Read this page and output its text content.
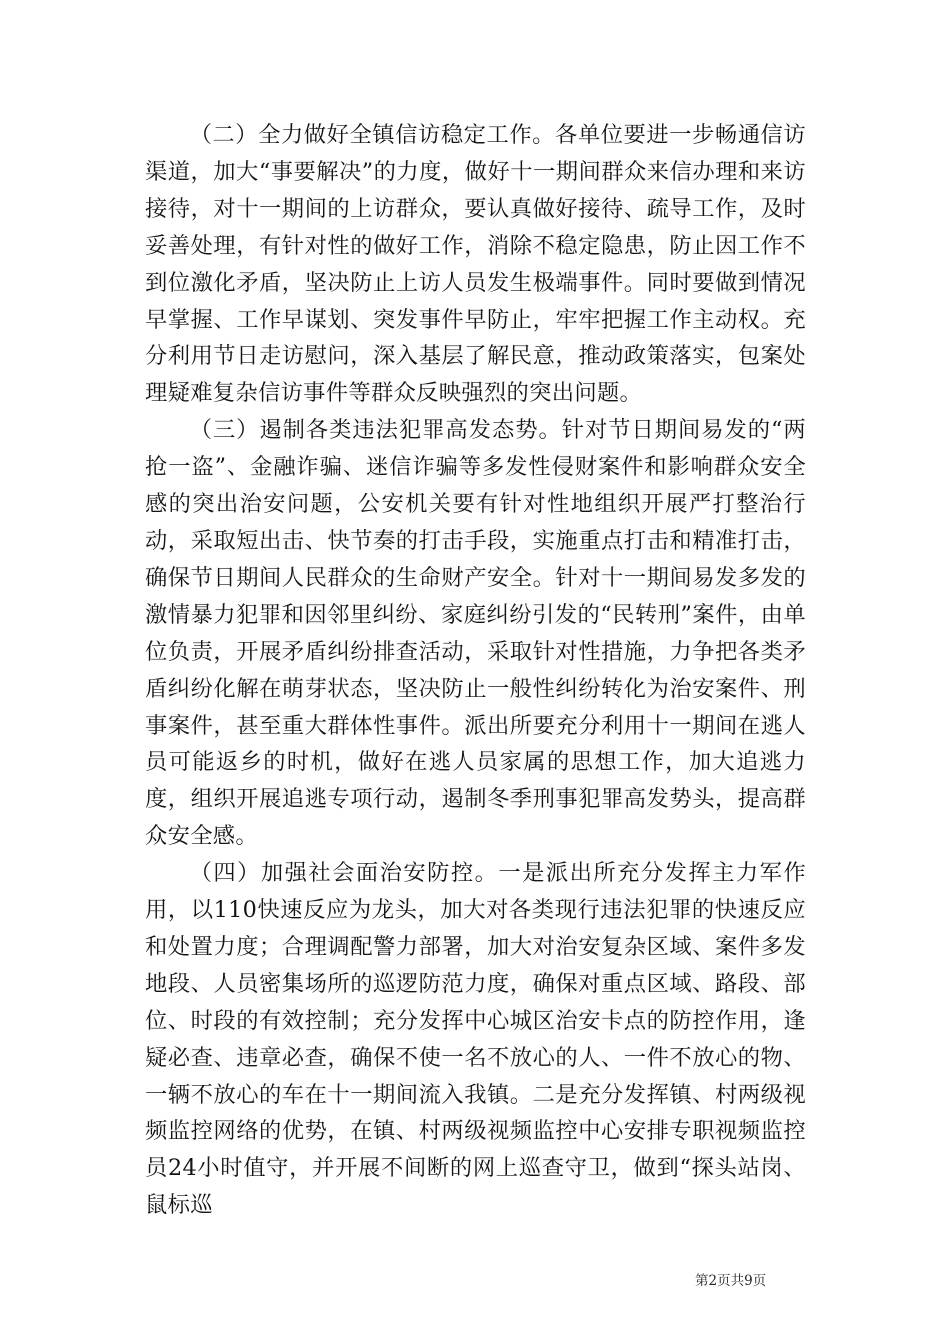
（二）全力做好全镇信访稳定工作。各单位要进一步畅通信访渠道，加大“事要解决”的力度，做好十一期间群众来信办理和来访接待，对十一期间的上访群众，要认真做好接待、疏导工作，及时妥善处理，有针对性的做好工作，消除不稳定隐患，防止因工作不到位激化矛盾，坚决防止上访人员发生极端事件。同时要做到情况早掌握、工作早谋划、突发事件早防止，牢牢把握工作主动权。充分利用节日走访慰问，深入基层了解民意，推动政策落实，包案处理疑难复杂信访事件等群众反映强烈的突出问题。

（三）遏制各类违法犯罪高发态势。针对节日期间易发的“两抢一盗”、金融诈骗、迷信诈骗等多发性侵财案件和影响群众安全感的突出治安问题，公安机关要有针对性地组织开展严打整治行动，采取短出击、快节奏的打击手段，实施重点打击和精准打击，确保节日期间人民群众的生命财产安全。针对十一期间易发多发的激情暴力犯罪和因邻里纠纷、家庭纠纷引发的“民转刑”案件，由单位负责，开展矛盾纠纷排查活动，采取针对性措施，力争把各类矛盾纠纷化解在萌芽状态，坚决防止一般性纠纷转化为治安案件、刑事案件，甚至重大群体性事件。派出所要充分利用十一期间在逃人员可能返乡的时机，做好在逃人员家属的思想工作，加大追逃力度，组织开展追逃专项行动，遏制冬季刑事犯罪高发势头，提高群众安全感。

（四）加强社会面治安防控。一是派出所充分发挥主力军作用，以110快速反应为龙头，加大对各类现行违法犯罪的快速反应和处置力度；合理调配警力部署，加大对治安复杂区域、案件多发地段、人员密集场所的巡逻防范力度，确保对重点区域、路段、部位、时段的有效控制；充分发挥中心城区治安卡点的防控作用，逢疑必查、违章必查，确保不使一名不放心的人、一件不放心的物、一辆不放心的车在十一期间流入我镇。二是充分发挥镇、村两级视频监控网络的优势，在镇、村两级视频监控中心安排专职视频监控员24小时值守，并开展不间断的网上巡查守卫，做到“探头站岗、鼠标巡

第2页共9页
